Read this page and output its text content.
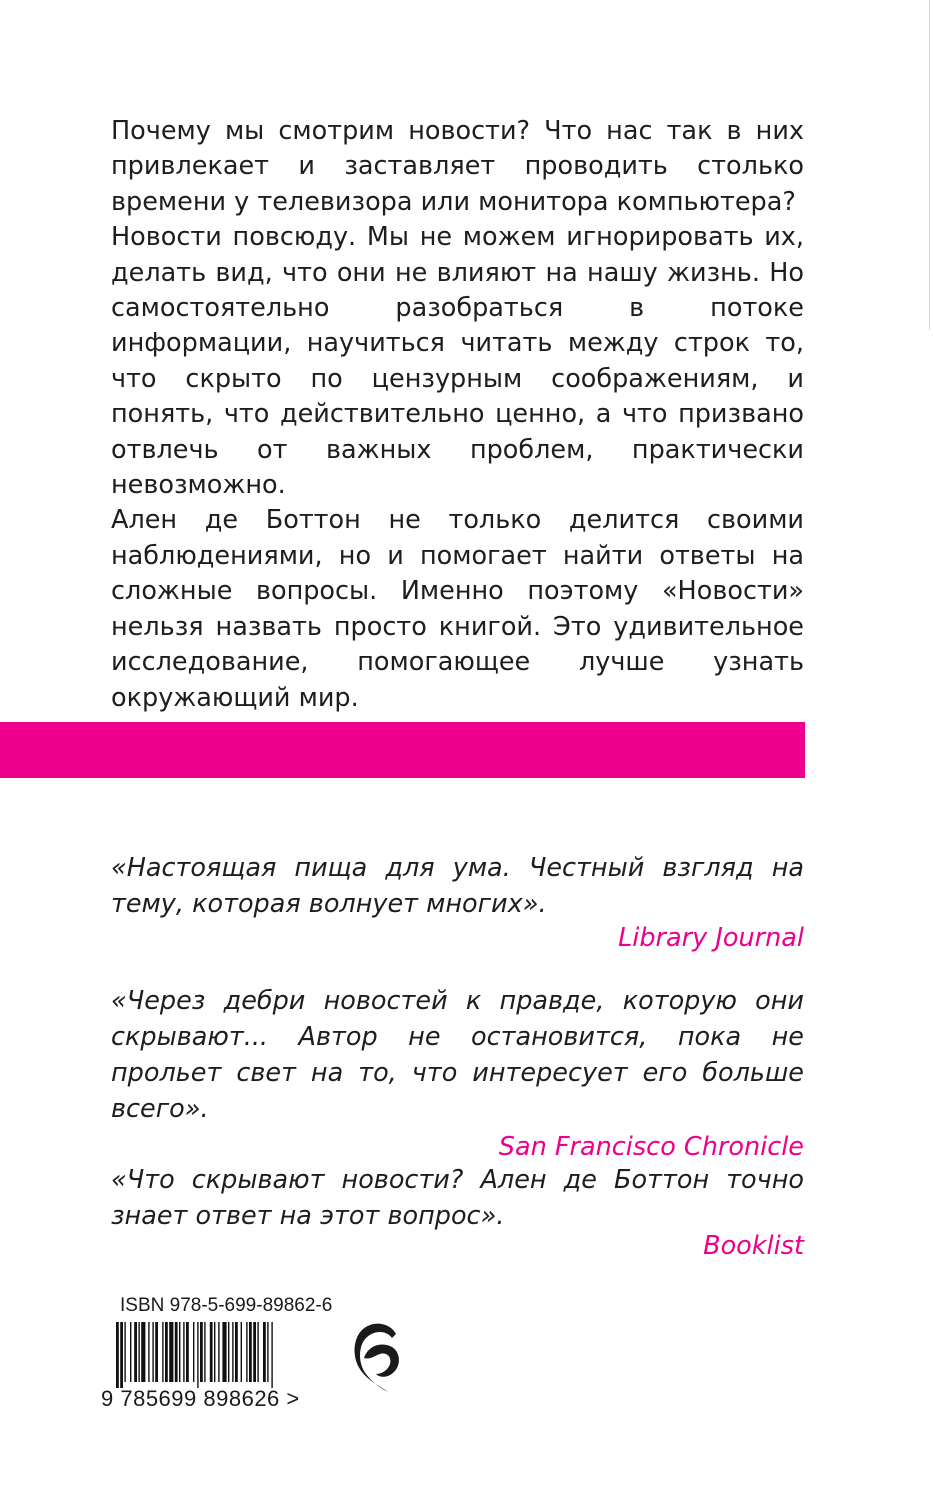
Почему мы смотрим новости? Что нас так в них привлекает и заставляет проводить столько времени у телевизора или монитора компьютера?

Новости повсюду. Мы не можем игнорировать их, делать вид, что они не влияют на нашу жизнь. Но самостоятельно разобраться в потоке информации, научиться читать между строк то, что скрыто по цензурным соображениям, и понять, что действительно ценно, а что призвано отвлечь от важных проблем, практически невозможно.

Ален де Боттон не только делится своими наблюдениями, но и помогает найти ответы на сложные вопросы. Именно поэтому «Новости» нельзя назвать просто книгой. Это удивительное исследование, помогающее лучше узнать окружающий мир.

«Настоящая пища для ума. Честный взгляд на тему, которая волнует многих».
Library Journal
«Через дебри новостей к правде, которую они скрывают... Автор не остановится, пока не прольет свет на то, что интересует его больше всего».
San Francisco Chronicle
«Что скрывают новости? Ален де Боттон точно знает ответ на этот вопрос».
Booklist
ISBN 978-5-699-89862-6
9 785699 898626 >
